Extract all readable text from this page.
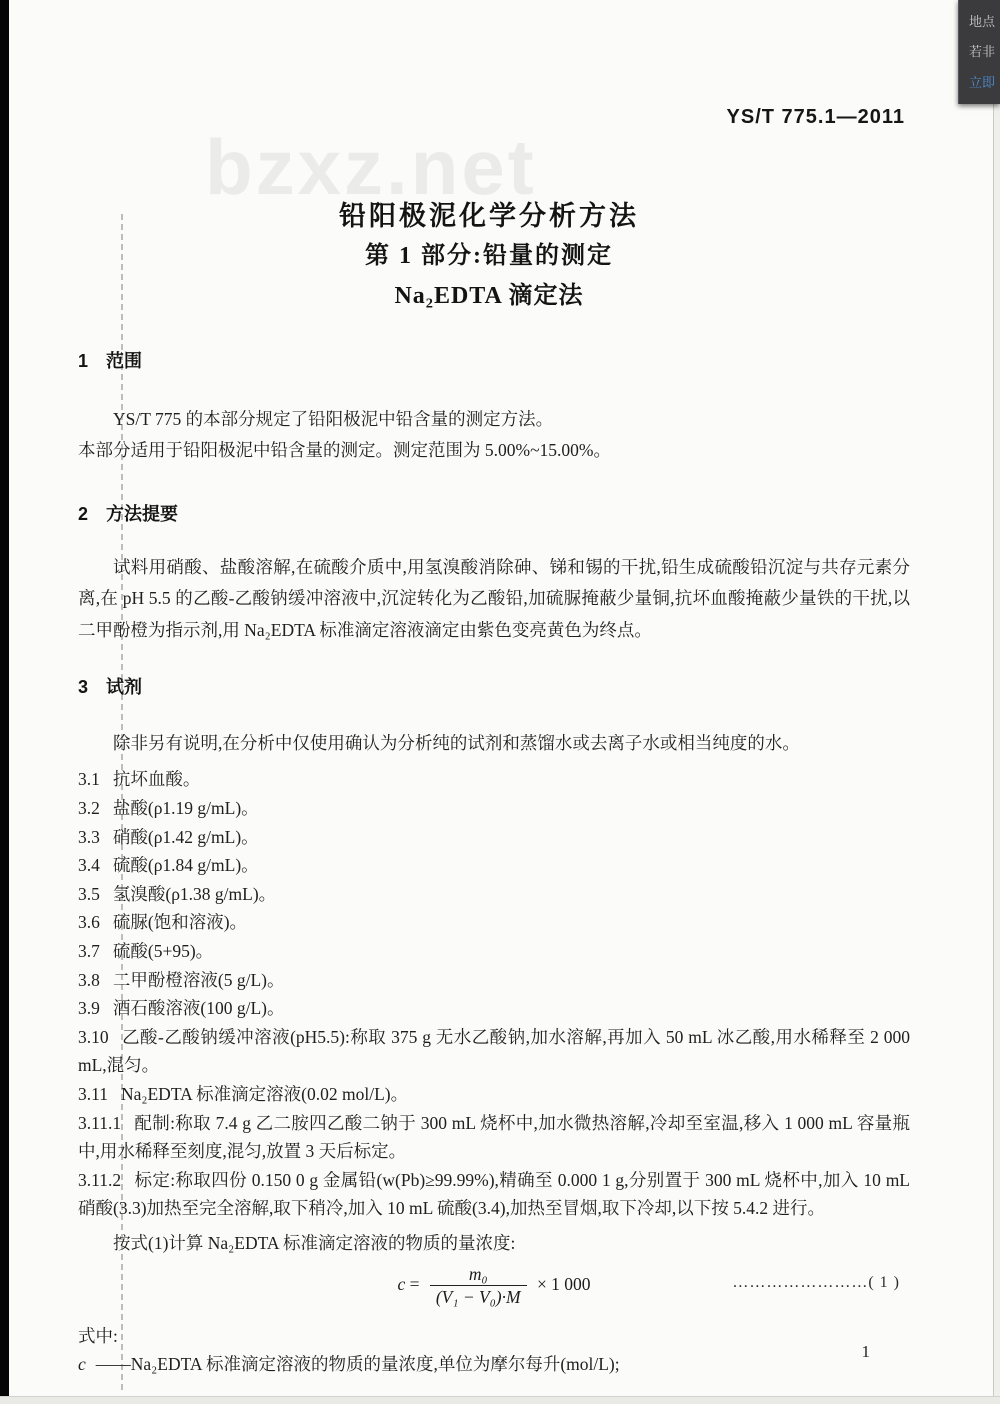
bzxz.net
YS/T 775.1—2011
铅阳极泥化学分析方法
第 1 部分:铅量的测定
Na₂EDTA 滴定法
1 范围
YS/T 775 的本部分规定了铅阳极泥中铅含量的测定方法。
本部分适用于铅阳极泥中铅含量的测定。测定范围为 5.00%~15.00%。
2 方法提要
试料用硝酸、盐酸溶解,在硫酸介质中,用氢溴酸消除砷、锑和锡的干扰,铅生成硫酸铅沉淀与共存元素分离,在 pH 5.5 的乙酸-乙酸钠缓冲溶液中,沉淀转化为乙酸铅,加硫脲掩蔽少量铜,抗坏血酸掩蔽少量铁的干扰,以二甲酚橙为指示剂,用 Na₂EDTA 标准滴定溶液滴定由紫色变亮黄色为终点。
3 试剂
除非另有说明,在分析中仅使用确认为分析纯的试剂和蒸馏水或去离子水或相当纯度的水。
3.1 抗坏血酸。
3.2 盐酸(ρ1.19 g/mL)。
3.3 硝酸(ρ1.42 g/mL)。
3.4 硫酸(ρ1.84 g/mL)。
3.5 氢溴酸(ρ1.38 g/mL)。
3.6 硫脲(饱和溶液)。
3.7 硫酸(5+95)。
3.8 二甲酚橙溶液(5 g/L)。
3.9 酒石酸溶液(100 g/L)。
3.10 乙酸-乙酸钠缓冲溶液(pH5.5):称取 375 g 无水乙酸钠,加水溶解,再加入 50 mL 冰乙酸,用水稀释至 2 000 mL,混匀。
3.11 Na₂EDTA 标准滴定溶液(0.02 mol/L)。
3.11.1 配制:称取 7.4 g 乙二胺四乙酸二钠于 300 mL 烧杯中,加水微热溶解,冷却至室温,移入 1 000 mL 容量瓶中,用水稀释至刻度,混匀,放置 3 天后标定。
3.11.2 标定:称取四份 0.150 0 g 金属铅(w(Pb)≥99.99%),精确至 0.000 1 g,分别置于 300 mL 烧杯中,加入 10 mL 硝酸(3.3)加热至完全溶解,取下稍冷,加入 10 mL 硫酸(3.4),加热至冒烟,取下冷却,以下按 5.4.2 进行。
按式(1)计算 Na₂EDTA 标准滴定溶液的物质的量浓度:
$c = \frac{\text{m₀}}{\text{(V₁ − V₀)·M}} \times 1$ 000	……………………( 1 )
式中:
c ——Na₂EDTA 标准滴定溶液的物质的量浓度,单位为摩尔每升(mol/L);
1
地点
若非
立即
